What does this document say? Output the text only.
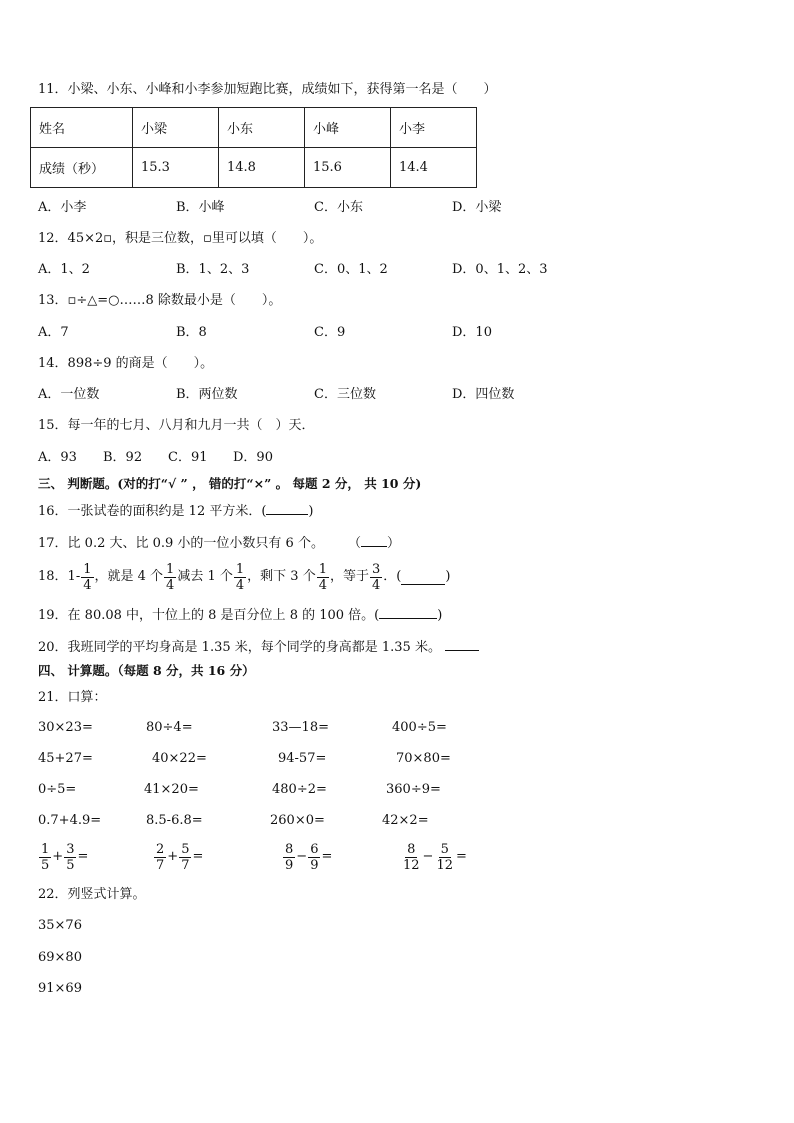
11．小梁、小东、小峰和小李参加短跑比赛，成绩如下，获得第一名是（　　）
姓名	小梁	小东	小峰	小李
成绩（秒）	15.3	14.8	15.6	14.4
A．小李	B．小峰	C．小东	D．小梁
12．45×2▫，积是三位数，▫里可以填（　　）。
A．1、2	B．1、2、3	C．0、1、2	D．0、1、2、3
13．▫÷△=○……8 除数最小是（　　）。
A．7	B．8	C．9	D．10
14．898÷9 的商是（　　）。
A．一位数	B．两位数	C．三位数	D．四位数
15．每一年的七月、八月和九月一共（　）天．
A．93 B．92 C．91 D．90
三、 判断题。(对的打“√ ” ， 错的打“×” 。 每题 2 分， 共 10 分)
16．一张试卷的面积约是 12 平方米．(	)
17．比 0.2 大、比 0.9 小的一位小数只有 6 个。 （ ）
18．$1- \frac{1}{4}$ ，就是 4 个 $\frac{1}{4}$ 减去 1 个 $\frac{1}{4}$ ，剩下 3 个 $\frac{1}{4}$ ，等于 $\frac{3}{4}$ ．(	)
19．在 80.08 中，十位上的 8 是百分位上 8 的 100 倍。(	)
20．我班同学的平均身高是 1.35 米，每个同学的身高都是 1.35 米。
四、 计算题。（每题 8 分，共 16 分）
21．口算：
30×23=	80÷4=	33—18=	400÷5=
45+27=	40×22=	94-57=	70×80=
0÷5=	41×20=	480÷2=	360÷9=
0.7+4.9=	8.5-6.8=	260×0=	42×2=
$\frac{1}{5} + \frac{3}{5}$ =	$\frac{2}{7} + \frac{5}{7}$ =	$\frac{8}{9} - \frac{6}{9}$ =	$\frac{8}{12} - \frac{5}{12}$ =
22．列竖式计算。
35×76
69×80
91×69
